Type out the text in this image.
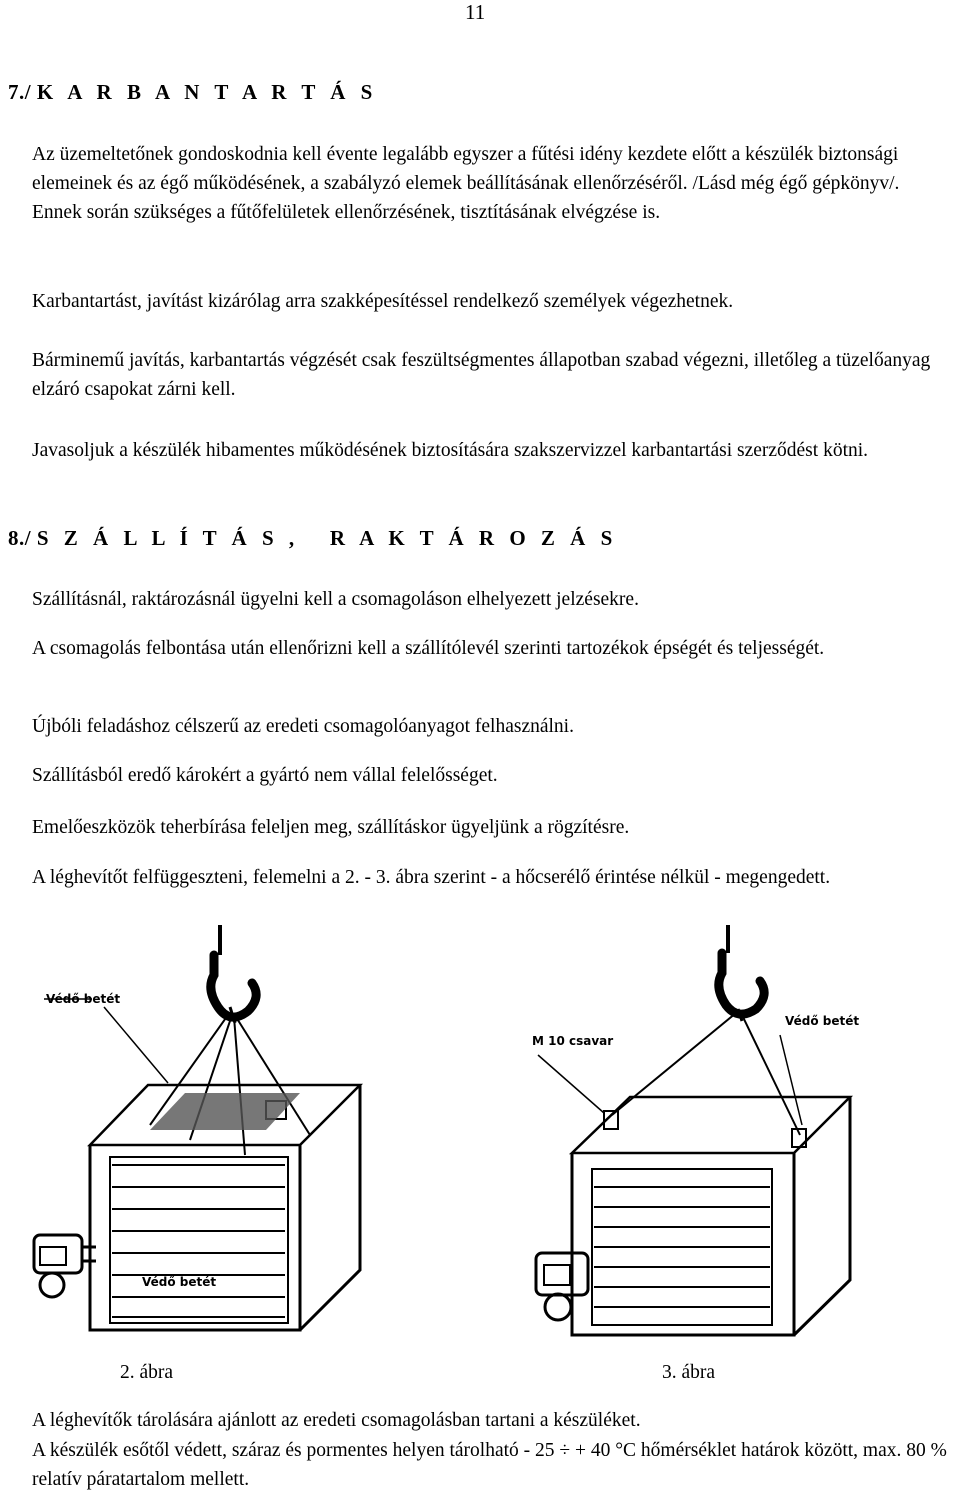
11
7./ K A R B A N T A R T Á S

Az üzemeltetőnek gondoskodnia kell évente legalább egyszer a fűtési idény kezdete előtt a készülék biztonsági elemeinek és az égő működésének, a szabályzó elemek beállításának ellenőrzéséről. /Lásd még égő gépkönyv/. Ennek során szükséges a fűtőfelületek ellenőrzésének, tisztításának elvégzése is.

Karbantartást, javítást kizárólag arra szakképesítéssel rendelkező személyek végezhetnek.

Bárminemű javítás, karbantartás végzését csak feszültségmentes állapotban szabad végezni, illetőleg a tüzelőanyag elzáró csapokat zárni kell.

Javasoljuk a készülék hibamentes működésének biztosítására szakszervizzel karbantartási szerződést kötni.

8./ S Z Á L L Í T Á S ,   R A K T Á R O Z Á S

Szállításnál, raktározásnál ügyelni kell a csomagoláson elhelyezett jelzésekre.

A csomagolás felbontása után ellenőrizni kell a szállítólevél szerinti tartozékok épségét és teljességét.

Újbóli feladáshoz célszerű az eredeti csomagolóanyagot felhasználni.

Szállításból eredő károkért a gyártó nem vállal felelősséget.

Emelőeszközök teherbírása feleljen meg, szállításkor ügyeljünk a rögzítésre.

A léghevítőt felfüggeszteni, felemelni a 2. - 3. ábra szerint - a hőcserélő érintése nélkül - megengedett.

Védő betét
Védő betét
M 10 csavar
Védő betét
2. ábra	3. ábra

A léghevítők tárolására ajánlott az eredeti csomagolásban tartani a készüléket.

A készülék esőtől védett, száraz és pormentes helyen tárolható - 25 ÷ + 40 °C hőmérséklet határok között, max. 80 % relatív páratartalom mellett.
